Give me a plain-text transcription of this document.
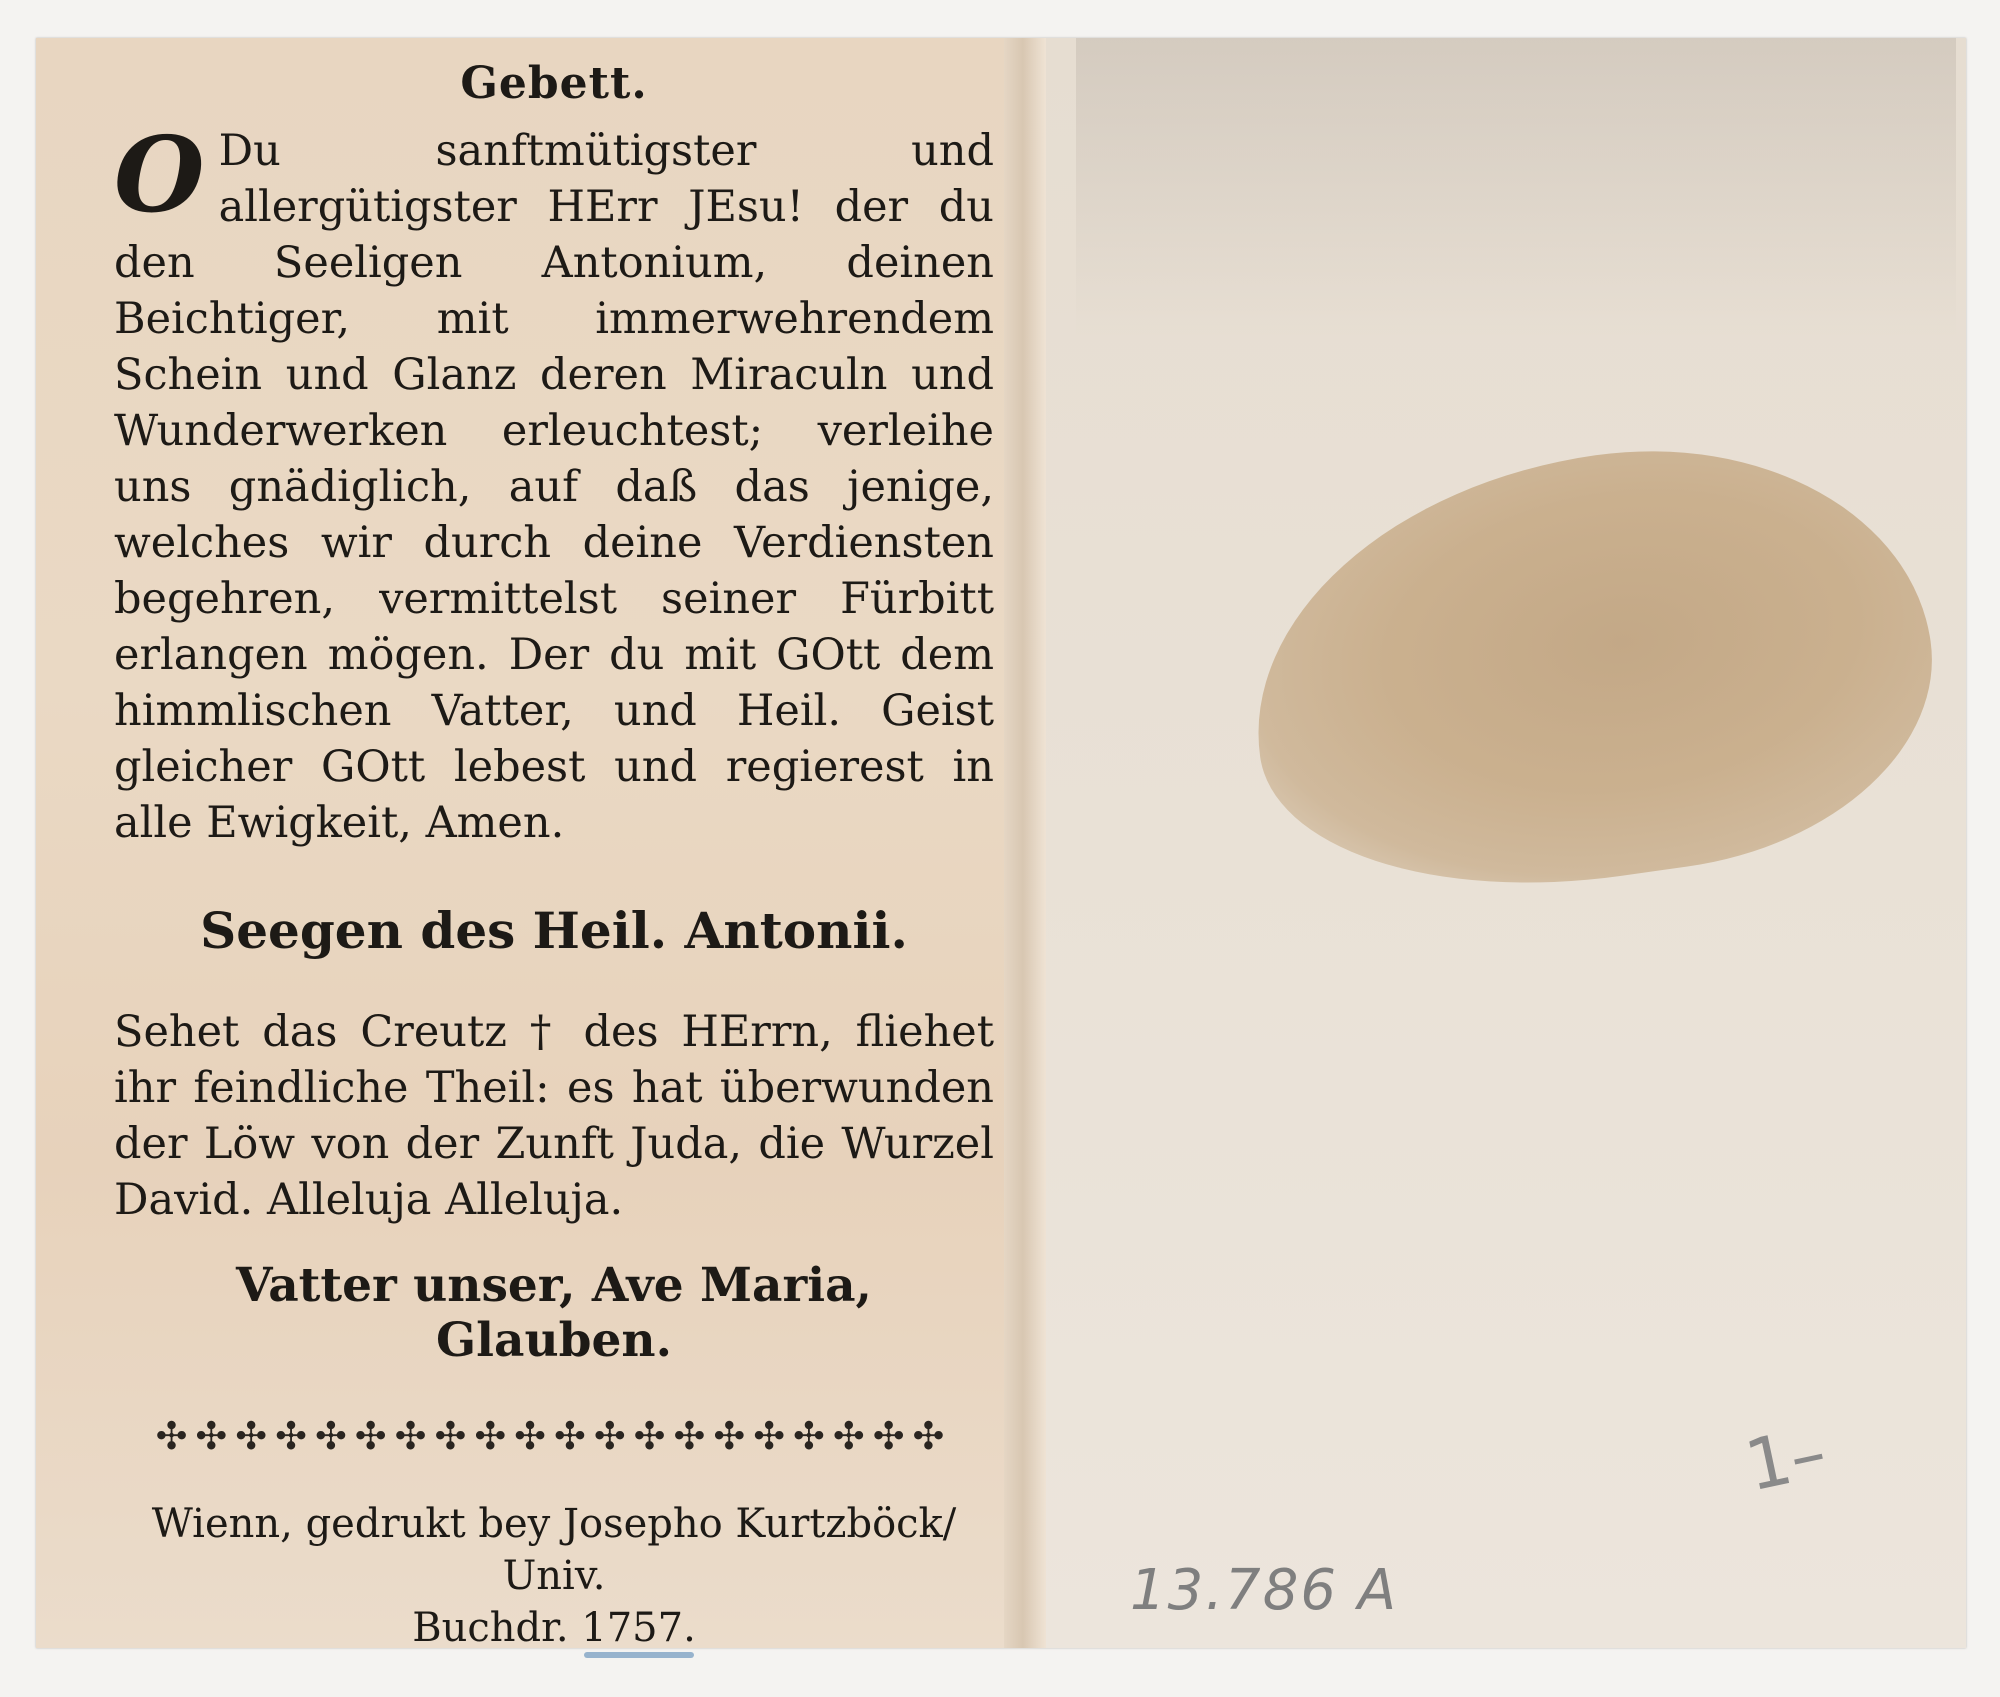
Gebett.

O Du sanftmütigster und allergütigster HErr JEsu! der du den Seeligen Antonium, deinen Beichtiger, mit immerwehrendem Schein und Glanz deren Miraculn und Wunderwerken erleuchtest; verleihe uns gnädiglich, auf daß das jenige, welches wir durch deine Verdiensten begehren, vermittelst seiner Fürbitt erlangen mögen. Der du mit GOtt dem himmlischen Vatter, und Heil. Geist gleicher GOtt lebest und regierest in alle Ewigkeit, Amen.

Seegen des Heil. Antonii.

Sehet das Creutz † des HErrn, fliehet ihr feindliche Theil: es hat überwunden der Löw von der Zunft Juda, die Wurzel David. Alleluja Alleluja.

Vatter unser, Ave Maria, Glauben.
✣✣✣✣✣✣✣✣✣✣✣✣✣✣✣✣✣✣✣✣

Wienn, gedrukt bey Josepho Kurtzböck/ Univ.
Buchdr. 1757.

1–
13.786 A
